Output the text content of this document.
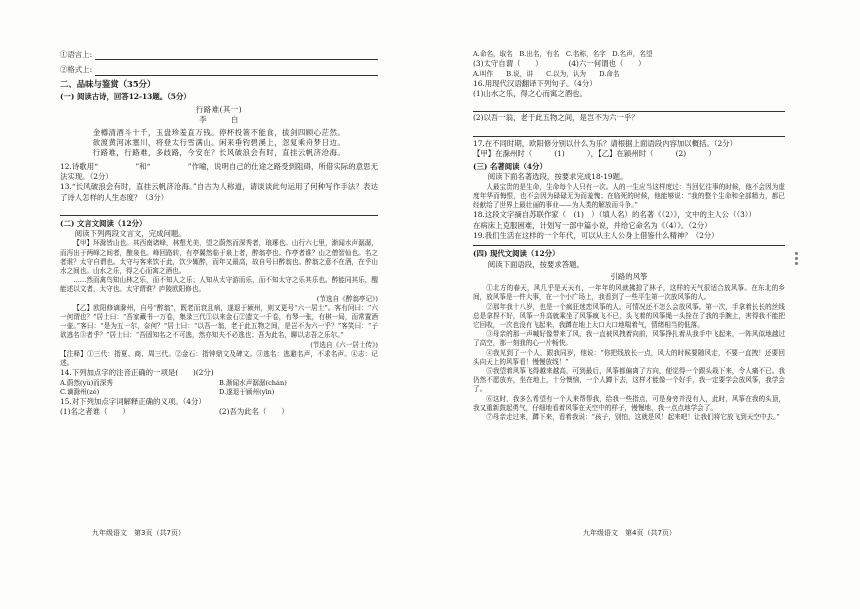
①语言上:
②格式上:
二、品味与鉴赏（35分）
(一) 阅读古诗，回答12-13题。（5分）

行路难(其一)

李　　　白

金樽清酒斗十千，玉盘珍羞直万钱。停杯投箸不能食，拔剑四顾心茫然。

欲渡黄河冰塞川，将登太行雪满山。闲来垂钓碧溪上，忽复乘舟梦日边。

行路难，行路难，多歧路，今安在？长风破浪会有时，直挂云帆济沧海。

12.诗歌用“　　　　　”和“　　　　　”作喻，说明自己的仕途之路受到阻碍，所借实际的意思无法实现。（2分）

13.“长风破浪会有时，直挂云帆济沧海。”自古为人称道，请谈谈此句运用了何种写作手法？表达了诗人怎样的人生态度？（3分）

(二) 文言文阅读（12分）

阅读下列两段文言文，完成问题。

【甲】环滁皆山也。其西南诸峰，林壑尤美，望之蔚然而深秀者，琅琊也。山行六七里，渐闻水声潺潺，而泻出于两峰之间者，酿泉也。峰回路转，有亭翼然临于泉上者，醉翁亭也。作亭者谁？山之僧智仙也。名之者谁？太守自谓也。太守与客来饮于此，饮少辄醉，而年又最高，故自号曰醉翁也。醉翁之意不在酒，在乎山水之间也。山水之乐，得之心而寓之酒也。

……然而禽鸟知山林之乐，而不知人之乐；人知从太守游而乐，而不知太守之乐其乐也。醉能同其乐，醒能述以文者，太守也。太守谓谁？庐陵欧阳修也。

(节选自《醉翁亭记》)

【乙】欧阳修谪滁州，自号“醉翁”，既老而衰且病，遂退于颍州，则又更号“六一居士”。客有问曰：“六一何谓也？”居士曰：“吾家藏书一万卷，集录三代①以来金石②遗文一千卷，有琴一张，有棋一局，而常置酒一壶。”客曰：“是为五一尔，奈何？”居士曰：“以吾一翁，老于此五物之间，是岂不为六一乎？”客笑曰：“子欲逃名③者乎？”居士曰：“吾固知名之不可逃，然亦知夫不必逃也；吾为此名，聊以志吾之乐尔。”

(节选自《六一居士传》)

【注释】①三代：指夏、商、周三代。②金石：指钟鼎文及碑文。③逃名：逃避名声，不求名声。④志：记述。

14.下列加点字的注音正确的一项是(　　)(2分)

A.蔚然(yù)而深秀	B.渐闻水声潺潺(chán)
C.谪滁州(zé)	D.遂退于颍州(yǐn)

15.对下列加点字词解释正确的义项。（4分）

(1)名之者谁（　　）	(2)吾为此名（　　）
九年级语文　第3页（共7页）

A.命名，取名　B.出名，有名　C.名称，名字　D.名声，名望

(3)太守自谓（　　）　　　　(4)六一何谓也（　　）

A.叫作　　B.说，讲　　C.以为，认为　　D.命名

16.用现代汉语翻译下列句子。（4分）

(1)山水之乐，得之心而寓之酒也。

(2)以吾一翁，老于此五物之间，是岂不为六一乎？

17.在不同时期，欧阳修分别以什么为乐？请根据上面语段内容加以概括。（2分）

【甲】在滁州时（　　　(1)　　　），【乙】在颍州时（　　　(2)　　　）

(三) 名著阅读（4分）

阅读下面名著选段，按要求完成18-19题。

人最宝贵的是生命，生命每个人只有一次。人的一生应当这样度过：当回忆往事的时候，他不会因为虚度年华而悔恨，也不会因为碌碌无为而羞愧；在临死的时候，他能够说：“我的整个生命和全部精力，都已经献给了世界上最壮丽的事业——为人类的解放而斗争。”

18.这段文字摘自苏联作家（　(1)　）（填人名）的名著《（2）》，文中的主人公（（3））

在病床上克服困难，计划写一部中篇小说，并给它命名为《（4）》。（2分）

19.我们生活在这样的一个年代，可以从主人公身上借鉴什么精神？（2分）

(四) 现代文阅读（12分）

阅读下面语段，按要求答题。

引路的风筝

①北方的春天，风几乎是天天有，一年年的风就拂掠了林子，这样的天气很适合放风筝。在东北的乡间，放风筝是一件大事，在一个小广场上，我看到了一些平生第一次放风筝的人。

②那年我十八岁，也是一个疯狂迷恋风筝的人。可情况还不怎么会放风筝。第一次，手拿着长长的丝线总是拿捏不好，风筝一升高就乘坐了风筝疯飞不已，头飞着的风筝绳一头拴在了我的手腕上，害得我不能把它回收，一次也没有飞起来，我蹲在地上大口大口地喘着气，情绪相当的低落。

③母亲的那一声喊好像带来了风，我一直被风拽着向前，风筝挣扎着从我手中飞起来，一阵风似地越过了高空，那一刻我的心一片畅快。

④我见到了一个人，跟我同岁，他说：“你把线放长一点，风大的时候要随风走，不要一直拽！还要回头向天上的风筝看！慢慢放线！”

⑤我望着风筝飞得越来越高，可到最后，风筝都偏离了方向，便觉得一个跟头栽下来，令人痛不已。我仍然不愿放弃，坐在地上，十分懊恼，一个人蹲下去，这样才能像一个好手，我一定要学会放风筝，我学会了。

⑥这时，我多么希望有一个人来帮帮我，给我一些指点，可是身旁并没有人，此时，风筝在我的头顶，我又重新鼓起勇气，仔细地看着风筝在天空中的样子，慢慢地，我一点点地学会了。

⑦母亲走过来，蹲下来，看着我说：“孩子，别怕，这就是风！起来吧！让我们将它放飞到天空中去。”

九年级语文　第4页（共7页）
